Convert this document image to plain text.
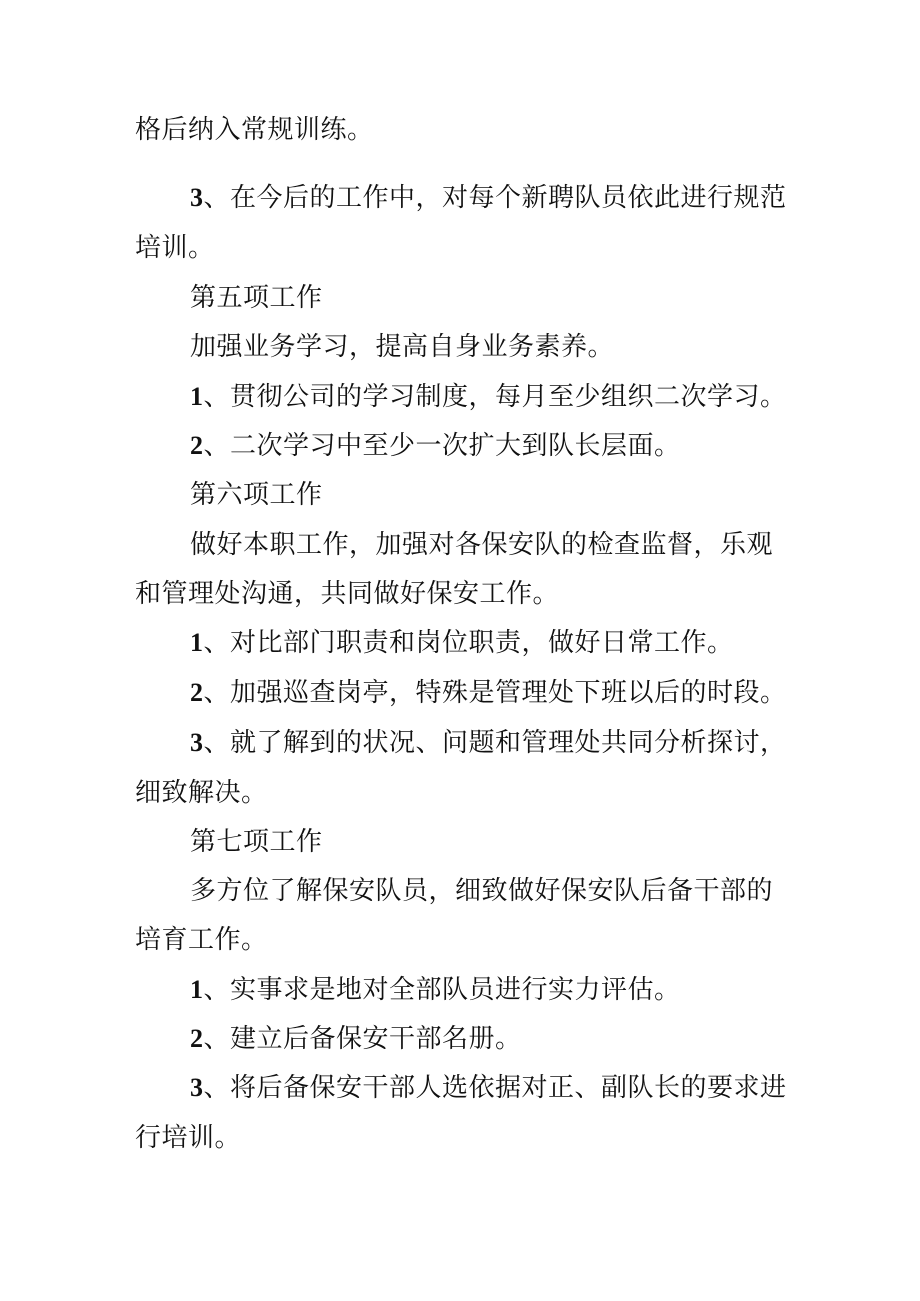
格后纳入常规训练。
3、在今后的工作中，对每个新聘队员依此进行规范
培训。
第五项工作
加强业务学习，提高自身业务素养。
1、贯彻公司的学习制度，每月至少组织二次学习。
2、二次学习中至少一次扩大到队长层面。
第六项工作
做好本职工作，加强对各保安队的检查监督，乐观
和管理处沟通，共同做好保安工作。
1、对比部门职责和岗位职责，做好日常工作。
2、加强巡查岗亭，特殊是管理处下班以后的时段。
3、就了解到的状况、问题和管理处共同分析探讨，
细致解决。
第七项工作
多方位了解保安队员，细致做好保安队后备干部的
培育工作。
1、实事求是地对全部队员进行实力评估。
2、建立后备保安干部名册。
3、将后备保安干部人选依据对正、副队长的要求进
行培训。
